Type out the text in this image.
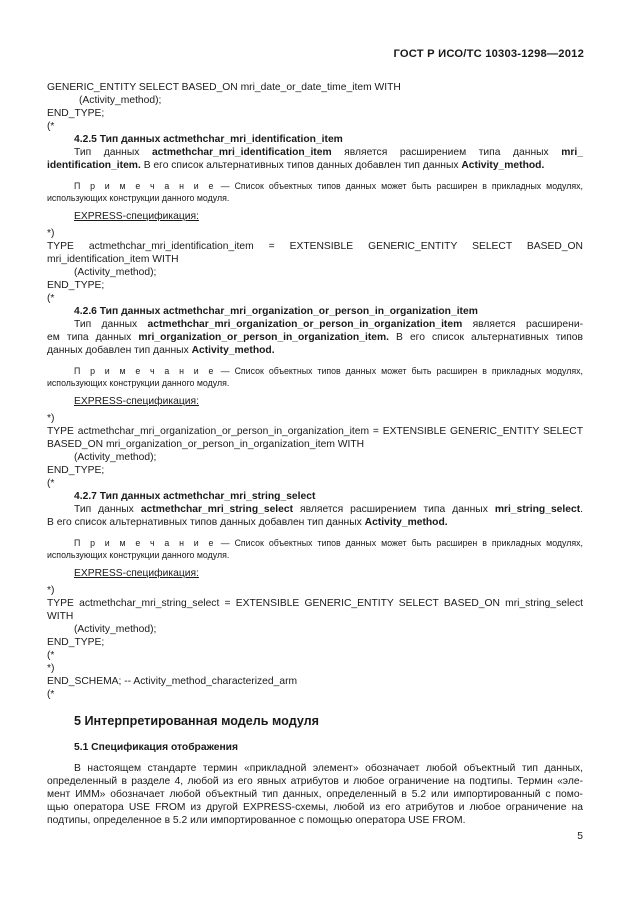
ГОСТ Р ИСО/ТС 10303-1298—2012
GENERIC_ENTITY SELECT BASED_ON mri_date_or_date_time_item WITH
(Activity_method);
END_TYPE;
(*
4.2.5 Тип данных actmethchar_mri_identification_item
Тип данных actmethchar_mri_identification_item является расширением типа данных mri_
identification_item. В его список альтернативных типов данных добавлен тип данных Activity_method.
П р и м е ч а н и е — Список объектных типов данных может быть расширен в прикладных модулях,
использующих конструкции данного модуля.
EXPRESS-спецификация:
*)
TYPE actmethchar_mri_identification_item = EXTENSIBLE GENERIC_ENTITY SELECT BASED_ON
mri_identification_item WITH
(Activity_method);
END_TYPE;
(*
4.2.6 Тип данных actmethchar_mri_organization_or_person_in_organization_item
Тип данных actmethchar_mri_organization_or_person_in_organization_item является расширени-
ем типа данных mri_organization_or_person_in_organization_item. В его список альтернативных типов
данных добавлен тип данных Activity_method.
П р и м е ч а н и е — Список объектных типов данных может быть расширен в прикладных модулях,
использующих конструкции данного модуля.
EXPRESS-спецификация:
*)
TYPE actmethchar_mri_organization_or_person_in_organization_item = EXTENSIBLE GENERIC_ENTITY SELECT
BASED_ON mri_organization_or_person_in_organization_item WITH
(Activity_method);
END_TYPE;
(*
4.2.7 Тип данных actmethchar_mri_string_select
Тип данных actmethchar_mri_string_select является расширением типа данных mri_string_select.
В его список альтернативных типов данных добавлен тип данных Activity_method.
П р и м е ч а н и е — Список объектных типов данных может быть расширен в прикладных модулях,
использующих конструкции данного модуля.
EXPRESS-спецификация:
*)
TYPE actmethchar_mri_string_select = EXTENSIBLE GENERIC_ENTITY SELECT BASED_ON mri_string_select
WITH
(Activity_method);
END_TYPE;
(*
*)
END_SCHEMA; -- Activity_method_characterized_arm
(*
5 Интерпретированная модель модуля
5.1 Спецификация отображения
В настоящем стандарте термин «прикладной элемент» обозначает любой объектный тип данных,
определенный в разделе 4, любой из его явных атрибутов и любое ограничение на подтипы. Термин «эле-
мент ИММ» обозначает любой объектный тип данных, определенный в 5.2 или импортированный с помо-
щью оператора USE FROM из другой EXPRESS-схемы, любой из его атрибутов и любое ограничение на
подтипы, определенное в 5.2 или импортированное с помощью оператора USE FROM.
5
